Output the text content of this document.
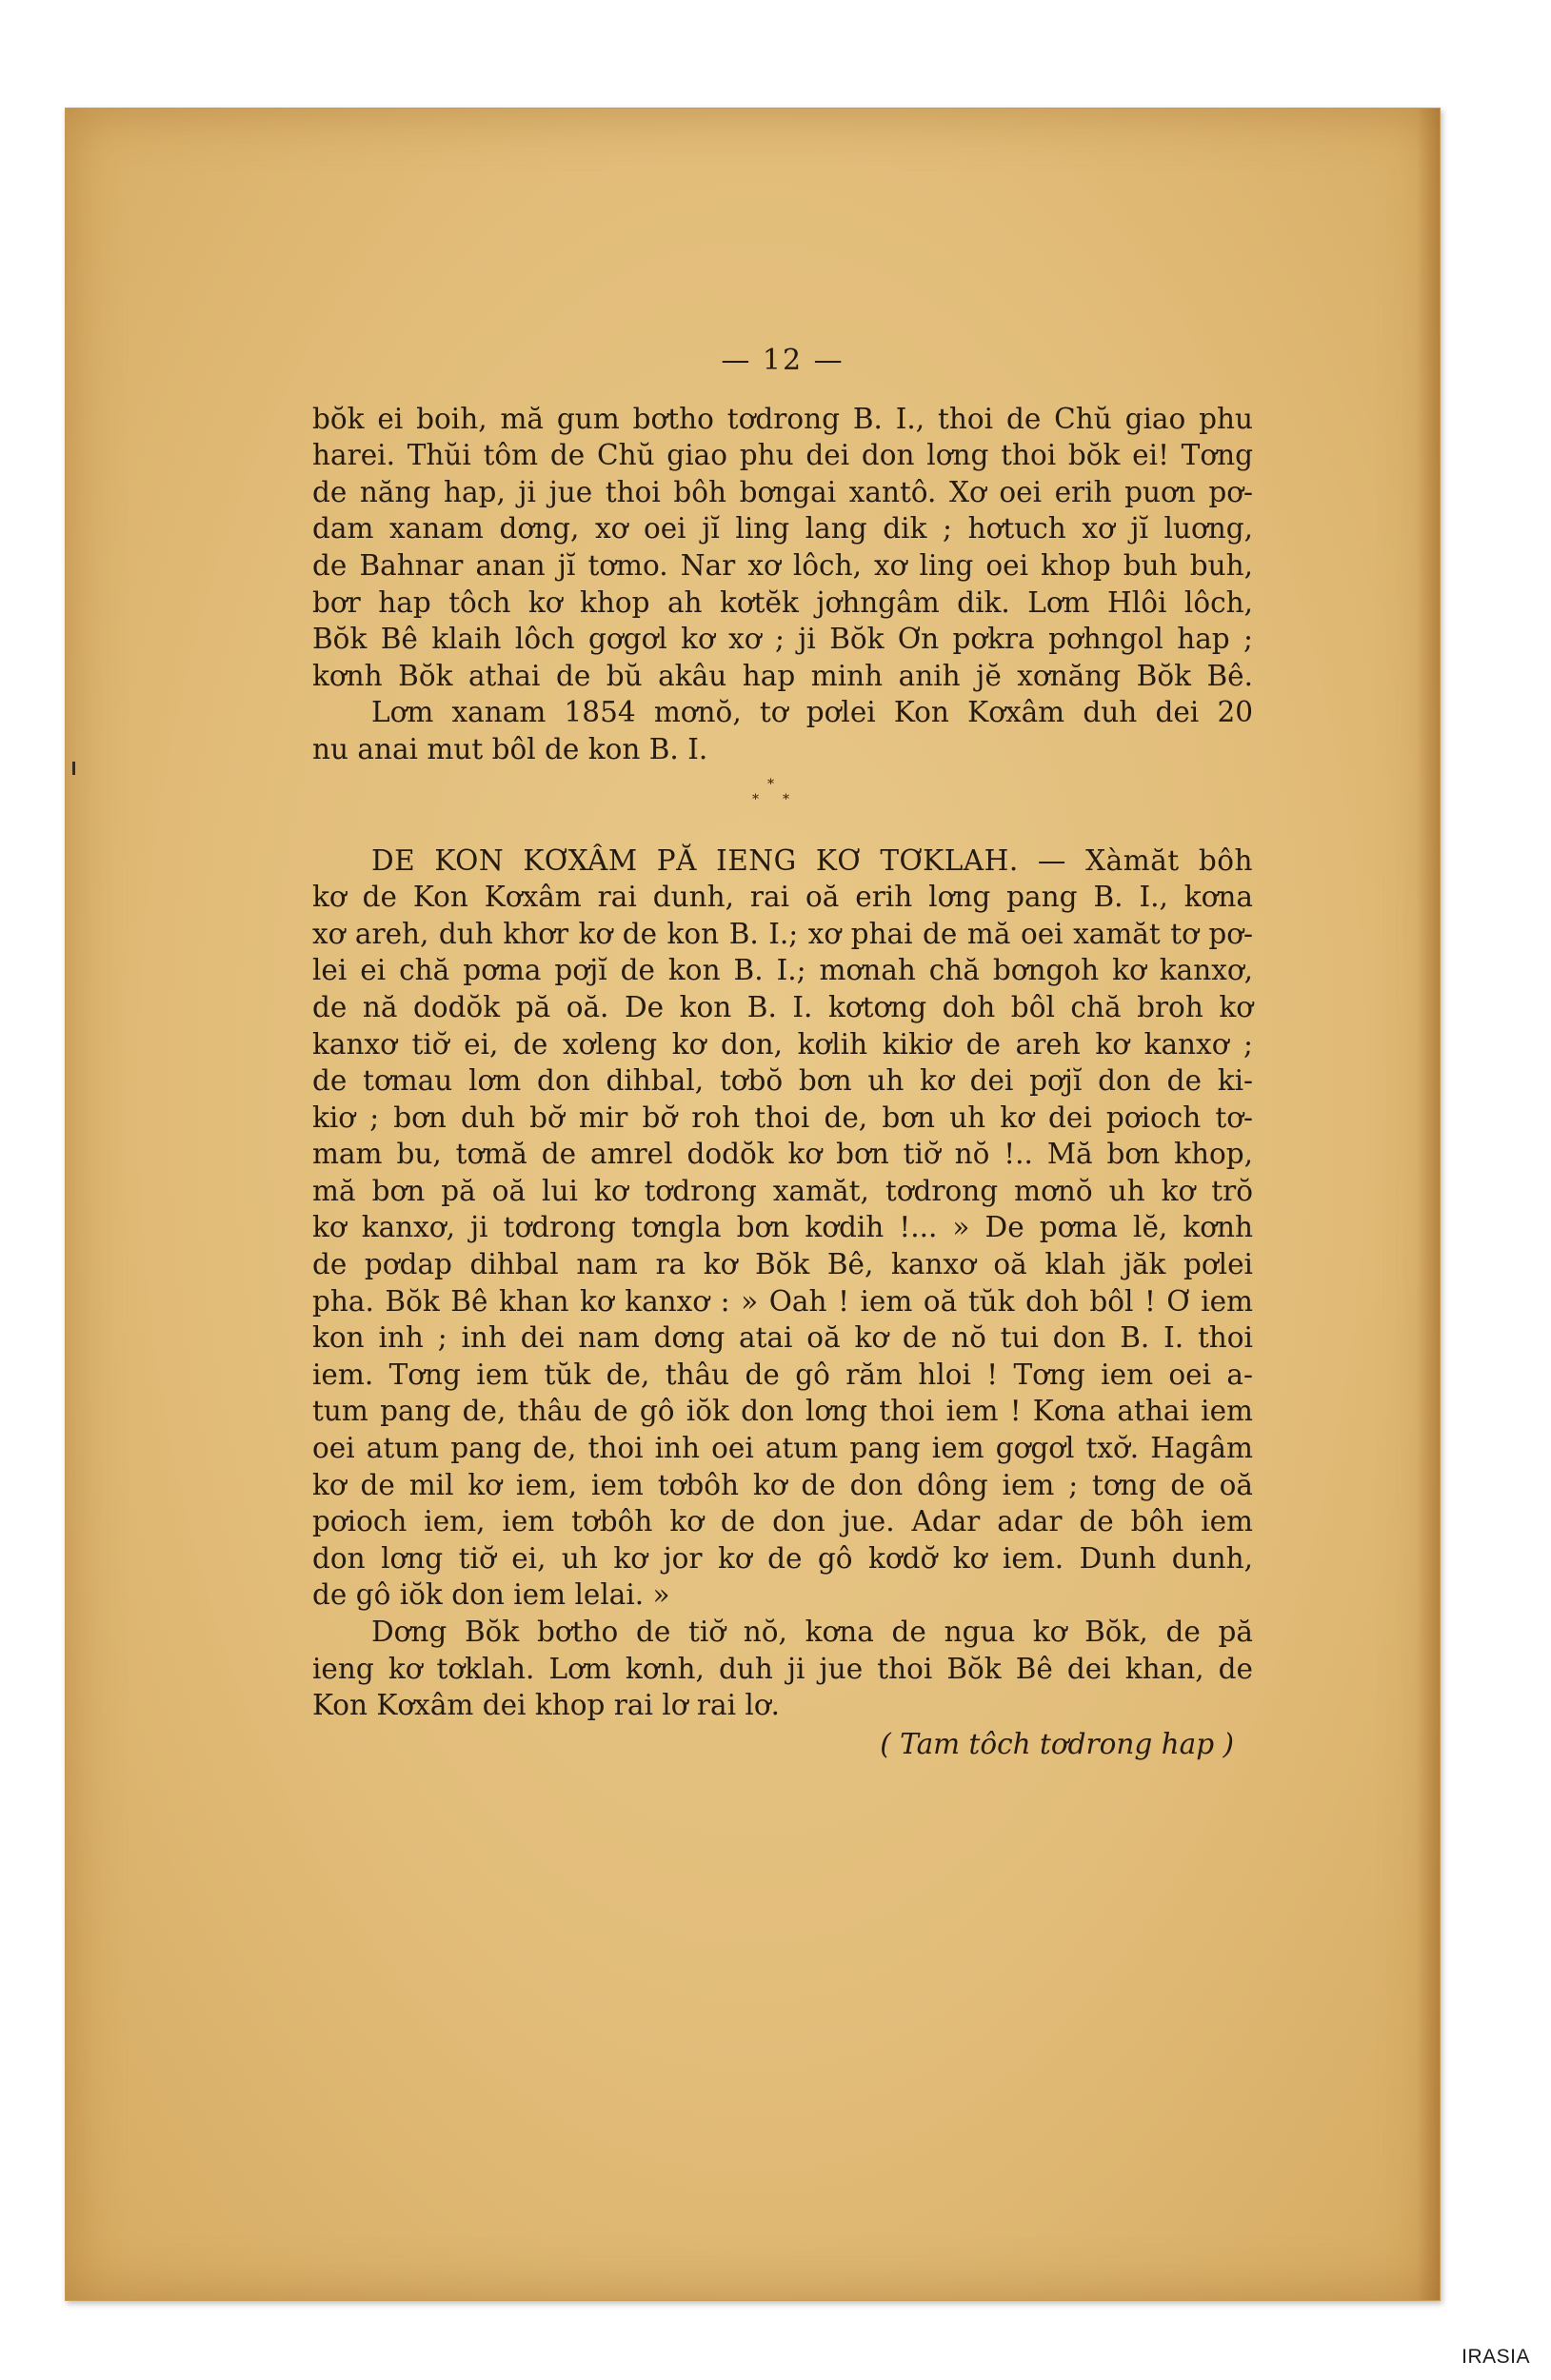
— 12 —
bŏk ei boih, mă gum bơtho tơdrong B. I., thoi de Chŭ giao phu
harei. Thŭi tôm de Chŭ giao phu dei don lơng thoi bŏk ei! Tơng
de năng hap, ji jue thoi bôh bơngai xantô. Xơ oei erih puơn pơ-
dam xanam dơng, xơ oei jĭ ling lang dik ; hơtuch xơ jĭ luơng,
de Bahnar anan jĭ tơmo. Nar xơ lôch, xơ ling oei khop buh buh,
bơr hap tôch kơ khop ah kơtĕk jơhngâm dik. Lơm Hlôi lôch,
Bŏk Bê klaih lôch gơgơl kơ xơ ; ji Bŏk Ơn pơkra pơhngol hap ;
kơnh Bŏk athai de bŭ akâu hap minh anih jĕ xơnăng Bŏk Bê.
Lơm xanam 1854 mơnŏ, tơ pơlei Kon Kơxâm duh dei 20
nu anai mut bôl de kon B. I.
*
* *
DE KON KƠXÂM PĂ IENG KƠ TƠKLAH. — Xàmăt bôh
kơ de Kon Kơxâm rai dunh, rai oă erih lơng pang B. I., kơna
xơ areh, duh khơr kơ de kon B. I.; xơ phai de mă oei xamăt tơ pơ-
lei ei chă pơma pơjĭ de kon B. I.; mơnah chă bơngoh kơ kanxơ,
de nă dodŏk pă oă. De kon B. I. kơtơng doh bôl chă broh kơ
kanxơ tiơ̆ ei, de xơleng kơ don, kơlih kikiơ de areh kơ kanxơ ;
de tơmau lơm don dihbal, tơbŏ bơn uh kơ dei pơjĭ don de ki-
kiơ ; bơn duh bơ̆ mir bơ̆ roh thoi de, bơn uh kơ dei pơioch tơ-
mam bu, tơmă de amrel dodŏk kơ bơn tiơ̆ nŏ !.. Mă bơn khop,
mă bơn pă oă lui kơ tơdrong xamăt, tơdrong mơnŏ uh kơ trŏ
kơ kanxơ, ji tơdrong tơngla bơn kơdih !... » De pơma lĕ, kơnh
de pơdap dihbal nam ra kơ Bŏk Bê, kanxơ oă klah jăk pơlei
pha. Bŏk Bê khan kơ kanxơ : » Oah ! iem oă tŭk doh bôl ! Ơ iem
kon inh ; inh dei nam dơng atai oă kơ de nŏ tui don B. I. thoi
iem. Tơng iem tŭk de, thâu de gô răm hloi ! Tơng iem oei a-
tum pang de, thâu de gô iŏk don lơng thoi iem ! Kơna athai iem
oei atum pang de, thoi inh oei atum pang iem gơgơl txơ̆. Hagâm
kơ de mil kơ iem, iem tơbôh kơ de don dông iem ; tơng de oă
pơioch iem, iem tơbôh kơ de don jue. Adar adar de bôh iem
don lơng tiơ̆ ei, uh kơ jor kơ de gô kơdơ̆ kơ iem. Dunh dunh,
de gô iŏk don iem lelai. »
Dơng Bŏk bơtho de tiơ̆ nŏ, kơna de ngua kơ Bŏk, de pă
ieng kơ tơklah. Lơm kơnh, duh ji jue thoi Bŏk Bê dei khan, de
Kon Kơxâm dei khop rai lơ rai lơ.
( Tam tôch tơdrong hap )
IRASIA
